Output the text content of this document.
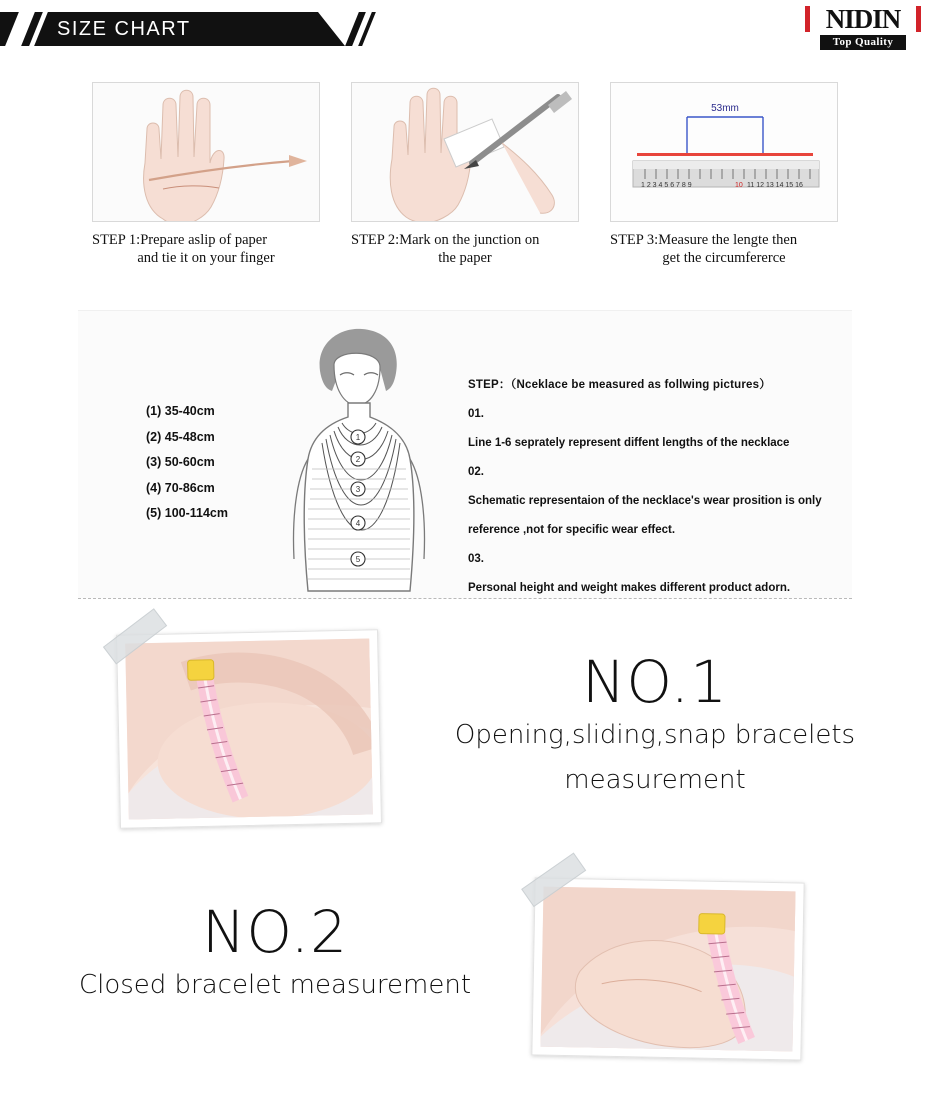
SIZE CHART	NIDIN
Top Quality
STEP 1:Prepare aslip of paper
and tie it on your finger
STEP 2:Mark on the junction on
the paper
53mm
1 2 3 4 5 6 7 8 9	10 11 12 13 14 15 16
STEP 3:Measure the lengte then
get the circumfererce
1
2
3
4
5
(1) 35-40cm
(2) 45-48cm
(3) 50-60cm
(4) 70-86cm
(5) 100-114cm
STEP：（Nceklace be measured as follwing pictures）
01.
Line 1-6 seprately represent diffent lengths of the necklace
02.
Schematic representaion of the necklace's wear prosition is only
reference ,not for specific wear effect.
03.
Personal height and weight makes different product adorn.
NO.1
Opening,sliding,snap bracelets
measurement
NO.2
Closed bracelet measurement
